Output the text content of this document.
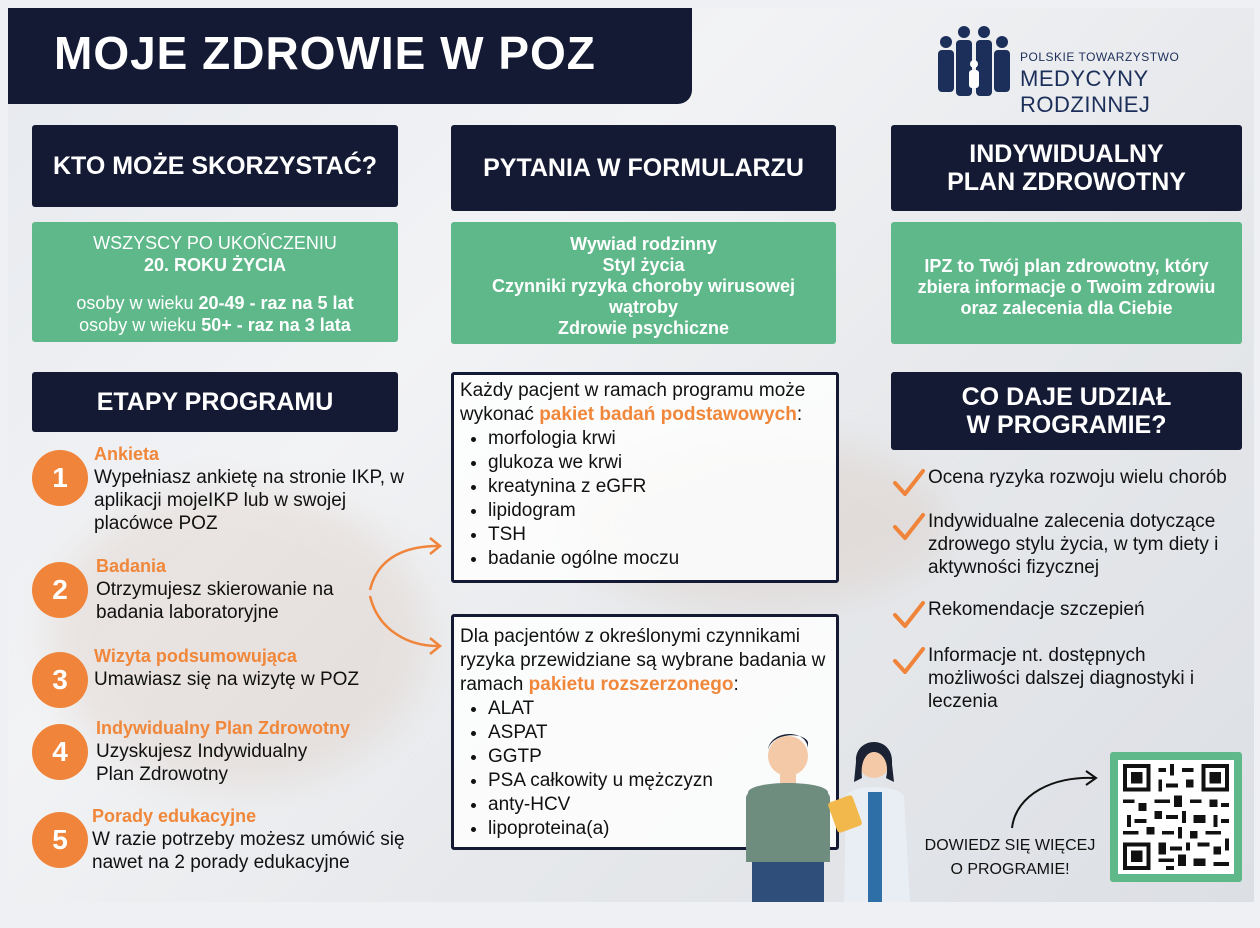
MOJE ZDROWIE W POZ	POLSKIE TOWARZYSTWO
MEDYCYNY RODZINNEJ
KTO MOŻE SKORZYSTAĆ?
WSZYSCY PO UKOŃCZENIU
20. ROKU ŻYCIA
osoby w wieku 20-49 - raz na 5 lat
osoby w wieku 50+ - raz na 3 lata
PYTANIA W FORMULARZU
Wywiad rodzinny
Styl życia
Czynniki ryzyka choroby wirusowej wątroby
Zdrowie psychiczne
INDYWIDUALNY
PLAN ZDROWOTNY
IPZ to Twój plan zdrowotny, który zbiera informacje o Twoim zdrowiu oraz zalecenia dla Ciebie
ETAPY PROGRAMU
1
Ankieta
Wypełniasz ankietę na stronie IKP, w aplikacji mojeIKP lub w swojej placówce POZ
2
Badania
Otrzymujesz skierowanie na badania laboratoryjne
3
Wizyta podsumowująca
Umawiasz się na wizytę w POZ
4
Indywidualny Plan Zdrowotny
Uzyskujesz Indywidualny Plan Zdrowotny
5
Porady edukacyjne
W razie potrzeby możesz umówić się nawet na 2 porady edukacyjne
Każdy pacjent w ramach programu może wykonać pakiet badań podstawowych:
• morfologia krwi
• glukoza we krwi
• kreatynina z eGFR
• lipidogram
• TSH
• badanie ogólne moczu
Dla pacjentów z określonymi czynnikami ryzyka przewidziane są wybrane badania w ramach pakietu rozszerzonego:
• ALAT
• ASPAT
• GGTP
• PSA całkowity u mężczyzn
• anty-HCV
• lipoproteina(a)
CO DAJE UDZIAŁ
W PROGRAMIE?
Ocena ryzyka rozwoju wielu chorób
Indywidualne zalecenia dotyczące zdrowego stylu życia, w tym diety i aktywności fizycznej
Rekomendacje szczepień
Informacje nt. dostępnych możliwości dalszej diagnostyki i leczenia
DOWIEDZ SIĘ WIĘCEJ
O PROGRAMIE!
